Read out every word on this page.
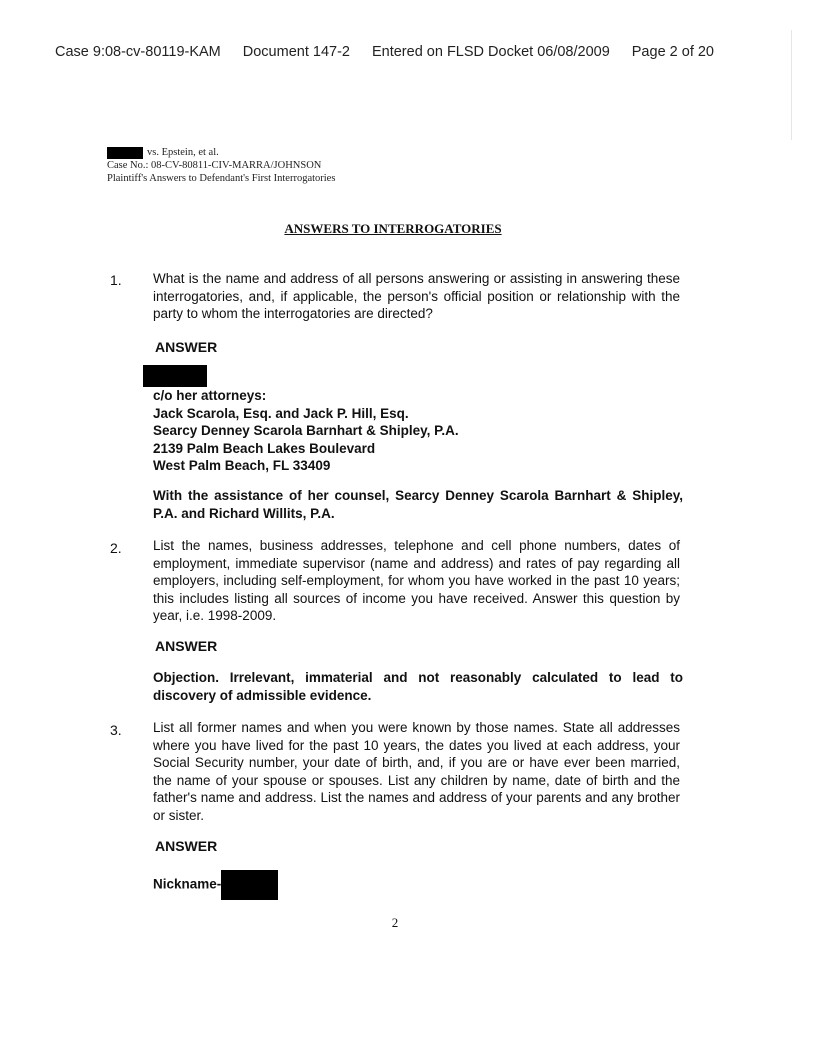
Case 9:08-cv-80119-KAM Document 147-2 Entered on FLSD Docket 06/08/2009 Page 2 of 20
vs. Epstein, et al.
Case No.: 08-CV-80811-CIV-MARRA/JOHNSON
Plaintiff's Answers to Defendant's First Interrogatories
ANSWERS TO INTERROGATORIES
1. What is the name and address of all persons answering or assisting in answering these interrogatories, and, if applicable, the person's official position or relationship with the party to whom the interrogatories are directed?
ANSWER
c/o her attorneys:
Jack Scarola, Esq. and Jack P. Hill, Esq.
Searcy Denney Scarola Barnhart & Shipley, P.A.
2139 Palm Beach Lakes Boulevard
West Palm Beach, FL 33409
With the assistance of her counsel, Searcy Denney Scarola Barnhart & Shipley, P.A. and Richard Willits, P.A.
2. List the names, business addresses, telephone and cell phone numbers, dates of employment, immediate supervisor (name and address) and rates of pay regarding all employers, including self-employment, for whom you have worked in the past 10 years; this includes listing all sources of income you have received. Answer this question by year, i.e. 1998-2009.
ANSWER
Objection. Irrelevant, immaterial and not reasonably calculated to lead to discovery of admissible evidence.
3. List all former names and when you were known by those names. State all addresses where you have lived for the past 10 years, the dates you lived at each address, your Social Security number, your date of birth, and, if you are or have ever been married, the name of your spouse or spouses. List any children by name, date of birth and the father's name and address. List the names and address of your parents and any brother or sister.
ANSWER
Nickname-
2
